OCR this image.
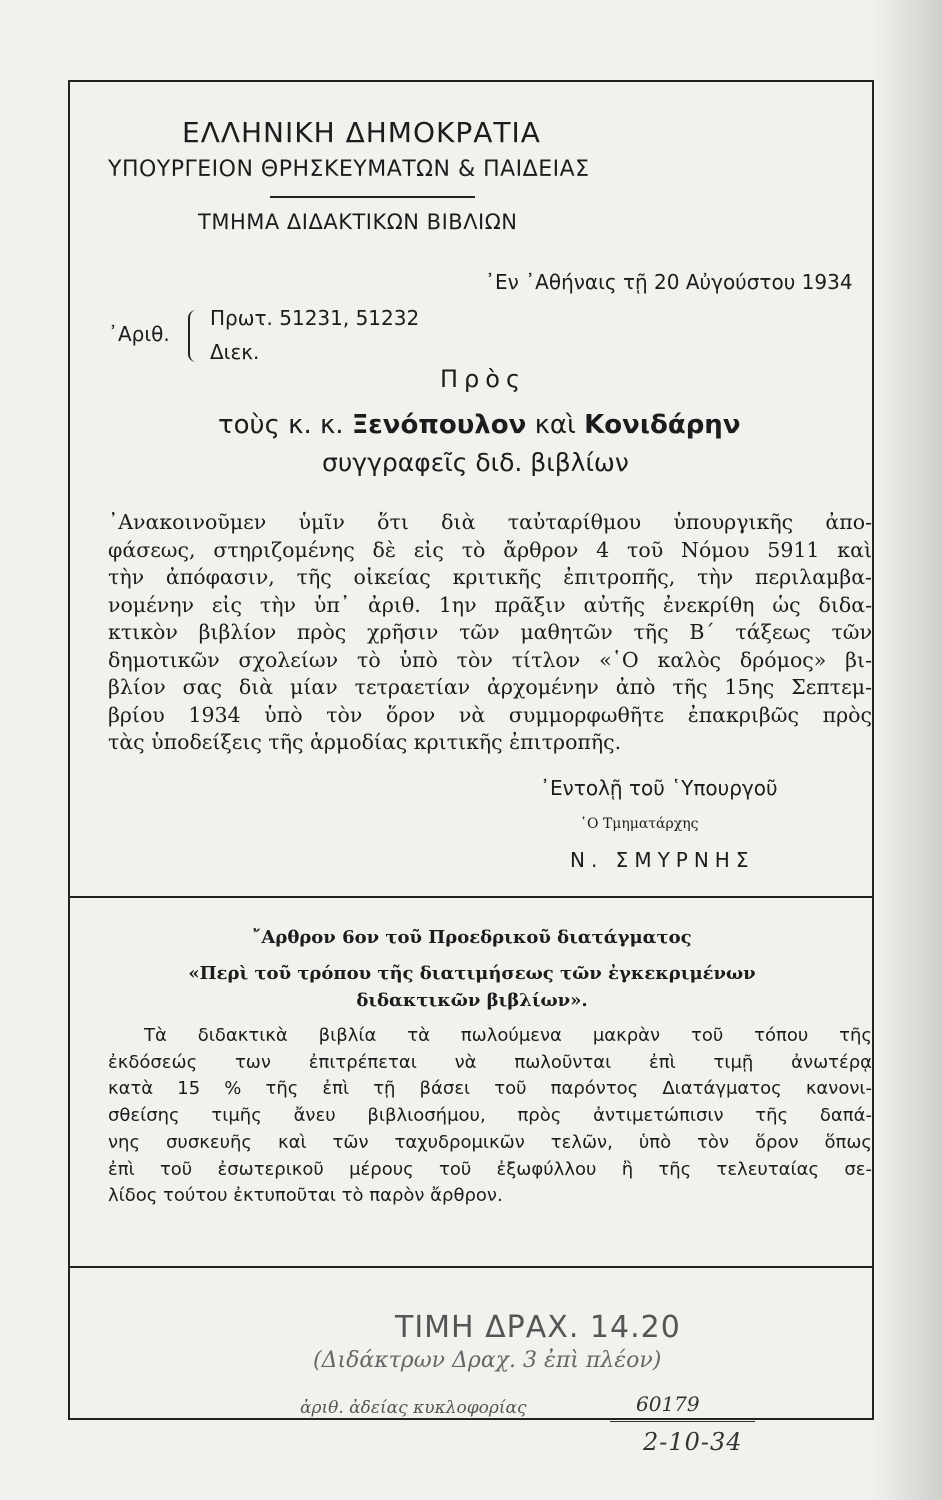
ΕΛΛΗΝΙΚΗ ΔΗΜΟΚΡΑΤΙΑ
ΥΠΟΥΡΓΕΙΟΝ ΘΡΗΣΚΕΥΜΑΤΩΝ & ΠΑΙΔΕΙΑΣ
ΤΜΗΜΑ ΔΙΔΑΚΤΙΚΩΝ ΒΙΒΛΙΩΝ
᾿Εν ᾿Αθήναις τῇ 20 Αὐγούστου 1934
᾿Αριθ.
Πρωτ. 51231, 51232
Διεκ.
Πρὸς
τοὺς κ. κ. Ξενόπουλον καὶ Κονιδάρην
συγγραφεῖς διδ. βιβλίων
᾿Ανακοινοῦμεν ὑμῖν ὅτι διὰ ταὐταρίθμου ὑπουργικῆς ἀπο-
φάσεως, στηριζομένης δὲ εἰς τὸ ἄρθρον 4 τοῦ Νόμου 5911 καὶ
τὴν ἀπόφασιν, τῆς οἰκείας κριτικῆς ἐπιτροπῆς, τὴν περιλαμβα-
νομένην εἰς τὴν ὑπ᾿ ἀριθ. 1ην πρᾶξιν αὐτῆς ἐνεκρίθη ὡς διδα-
κτικὸν βιβλίον πρὸς χρῆσιν τῶν μαθητῶν τῆς Β΄ τάξεως τῶν
δημοτικῶν σχολείων τὸ ὑπὸ τὸν τίτλον «῾Ο καλὸς δρόμος» βι-
βλίον σας διὰ μίαν τετραετίαν ἀρχομένην ἀπὸ τῆς 15ης Σεπτεμ-
βρίου 1934 ὑπὸ τὸν ὅρον νὰ συμμορφωθῆτε ἐπακριβῶς πρὸς
τὰς ὑποδείξεις τῆς ἁρμοδίας κριτικῆς ἐπιτροπῆς.
᾿Εντολῇ τοῦ ῾Υπουργοῦ
῾Ο Τμηματάρχης
Ν. ΣΜΥΡΝΗΣ
῎Αρθρον 6ον τοῦ Προεδρικοῦ διατάγματος
«Περὶ τοῦ τρόπου τῆς διατιμήσεως τῶν ἐγκεκριμένων
διδακτικῶν βιβλίων».
Τὰ διδακτικὰ βιβλία τὰ πωλούμενα μακρὰν τοῦ τόπου τῆς
ἐκδόσεώς των ἐπιτρέπεται νὰ πωλοῦνται ἐπὶ τιμῇ ἀνωτέρᾳ
κατὰ 15 % τῆς ἐπὶ τῇ βάσει τοῦ παρόντος Διατάγματος κανονι-
σθείσης τιμῆς ἄνευ βιβλιοσήμου, πρὸς ἀντιμετώπισιν τῆς δαπά-
νης συσκευῆς καὶ τῶν ταχυδρομικῶν τελῶν, ὑπὸ τὸν ὅρον ὅπως
ἐπὶ τοῦ ἐσωτερικοῦ μέρους τοῦ ἐξωφύλλου ἢ τῆς τελευταίας σε-
λίδος τούτου ἐκτυποῦται τὸ παρὸν ἄρθρον.
ΤΙΜΗ ΔΡΑΧ. 14.20
(Διδάκτρων Δραχ. 3 ἐπὶ πλέον)
60179
ἀριθ. ἀδείας κυκλοφορίας
2-10-34
